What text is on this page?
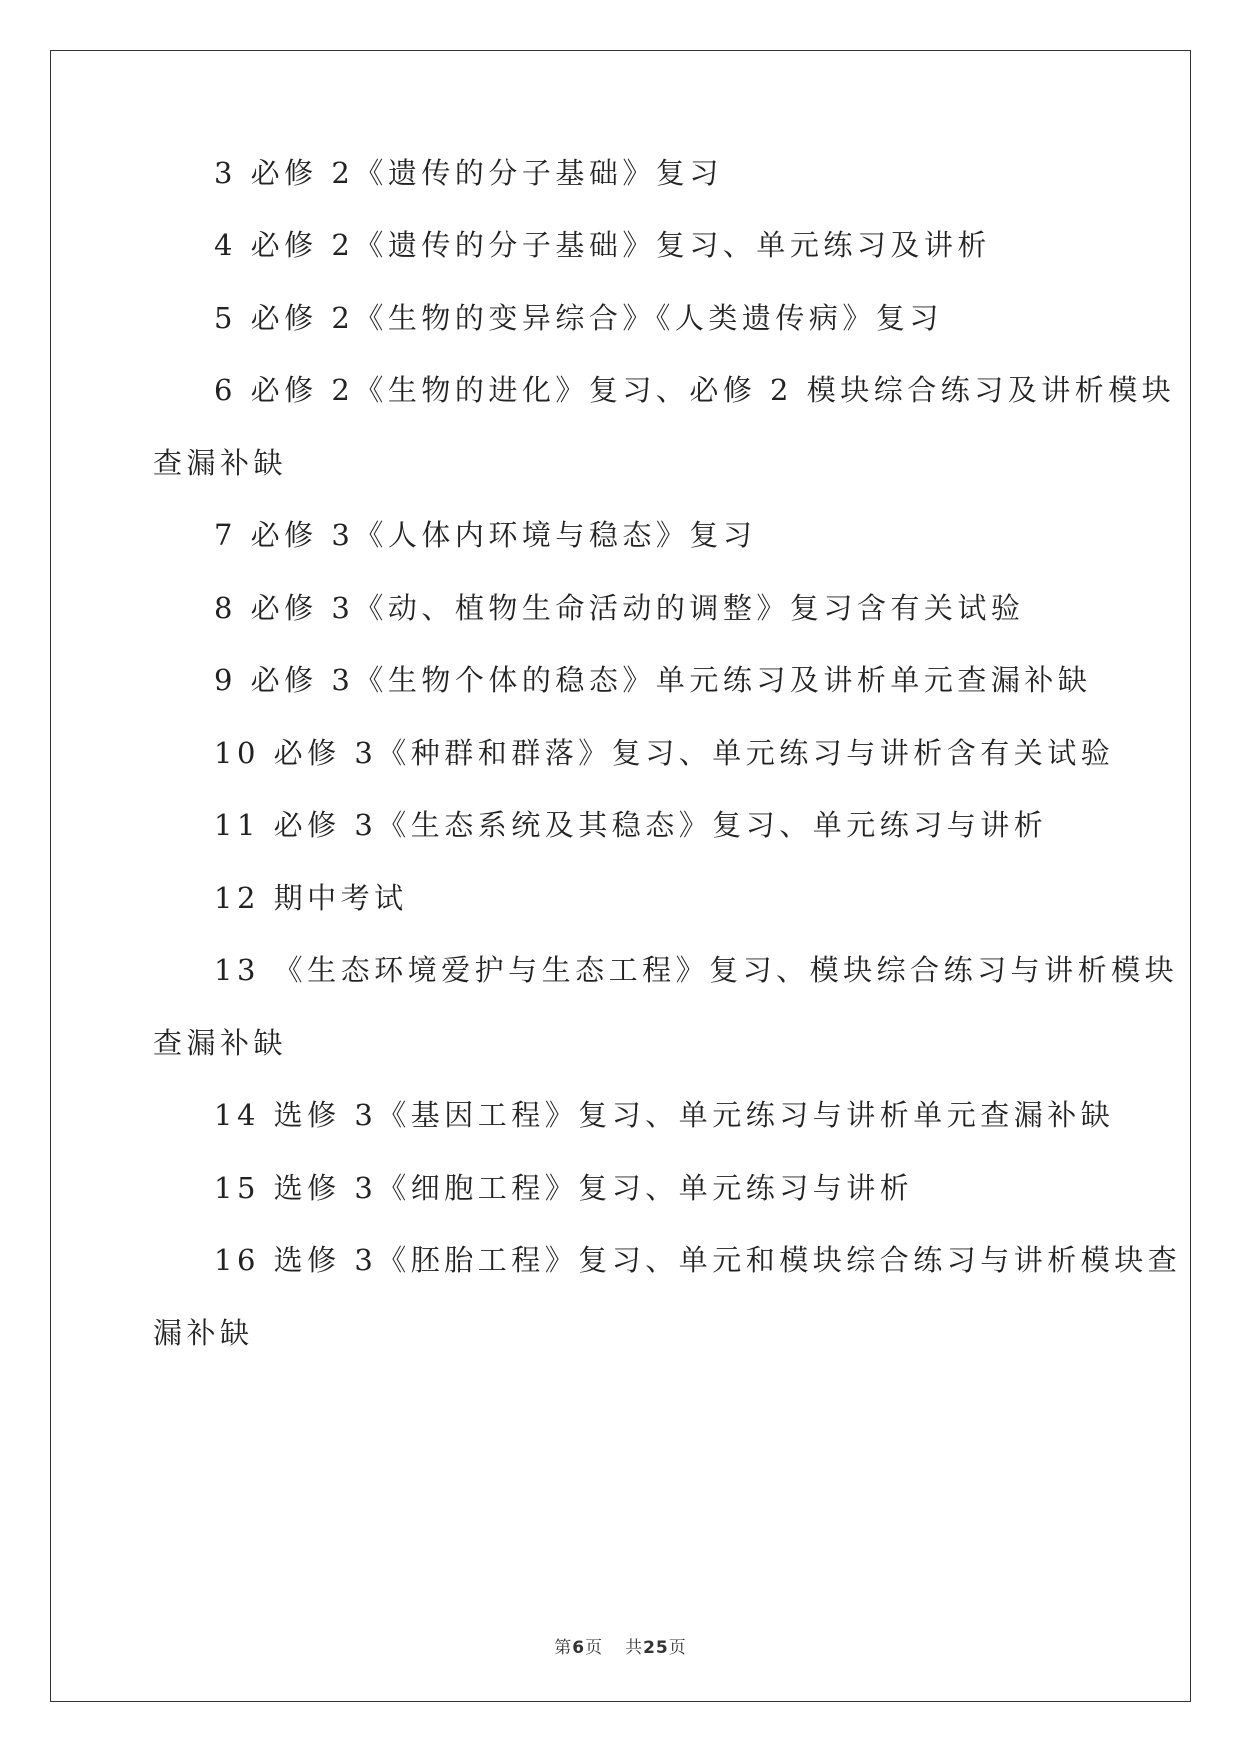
3 必修 2《遗传的分子基础》复习
4 必修 2《遗传的分子基础》复习、单元练习及讲析
5 必修 2《生物的变异综合》《人类遗传病》复习
6 必修 2《生物的进化》复习、必修 2 模块综合练习及讲析模块
查漏补缺
7 必修 3《人体内环境与稳态》复习
8 必修 3《动、植物生命活动的调整》复习含有关试验
9 必修 3《生物个体的稳态》单元练习及讲析单元查漏补缺
10 必修 3《种群和群落》复习、单元练习与讲析含有关试验
11 必修 3《生态系统及其稳态》复习、单元练习与讲析
12 期中考试
13 《生态环境爱护与生态工程》复习、模块综合练习与讲析模块
查漏补缺
14 选修 3《基因工程》复习、单元练习与讲析单元查漏补缺
15 选修 3《细胞工程》复习、单元练习与讲析
16 选修 3《胚胎工程》复习、单元和模块综合练习与讲析模块查
漏补缺
第6页 共25页
